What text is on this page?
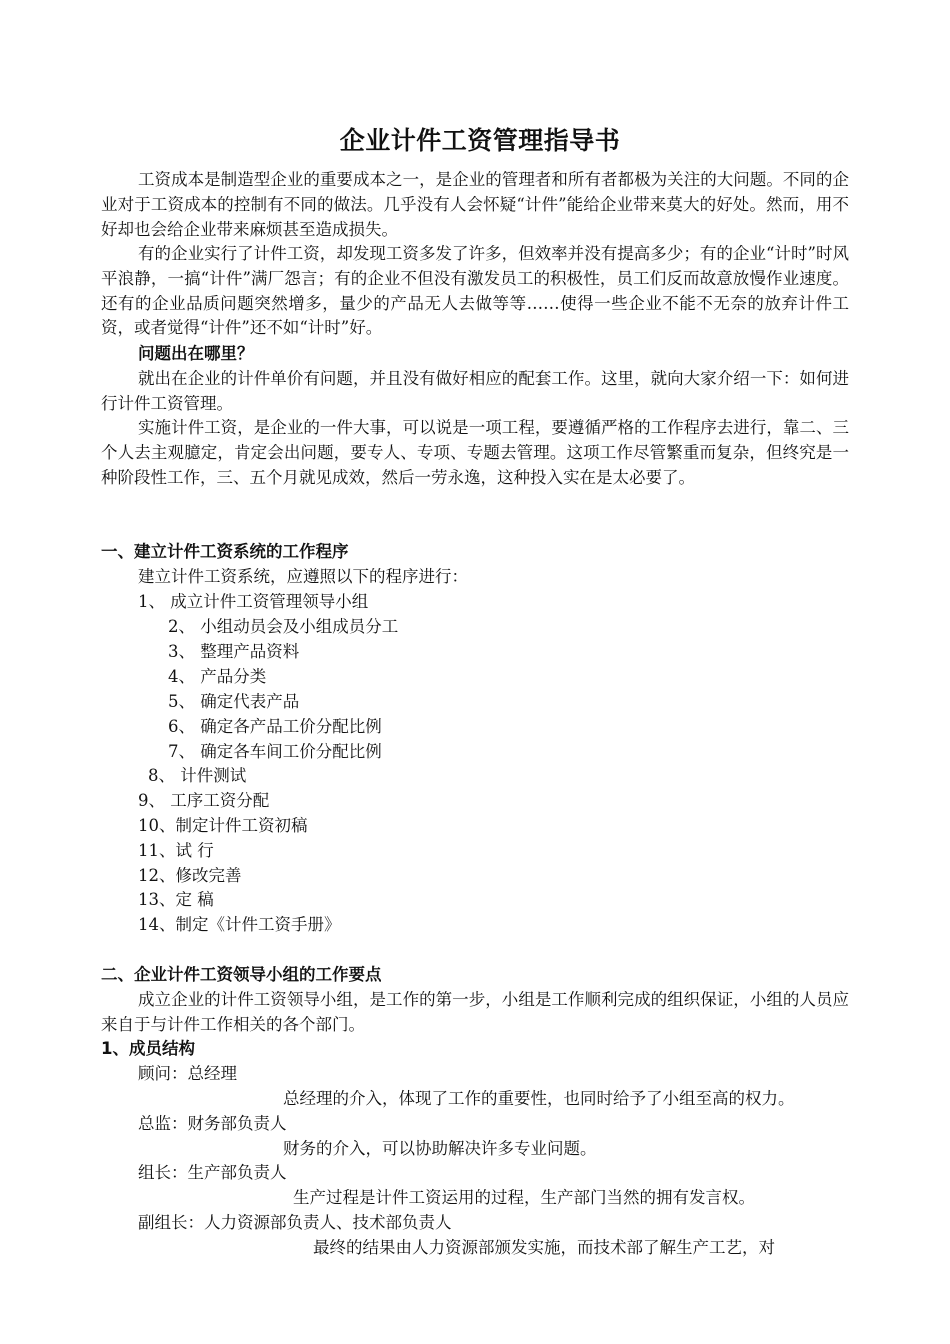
企业计件工资管理指导书

工资成本是制造型企业的重要成本之一，是企业的管理者和所有者都极为关注的大问题。不同的企业对于工资成本的控制有不同的做法。几乎没有人会怀疑“计件”能给企业带来莫大的好处。然而，用不好却也会给企业带来麻烦甚至造成损失。

有的企业实行了计件工资，却发现工资多发了许多，但效率并没有提高多少；有的企业“计时”时风平浪静，一搞“计件”满厂怨言；有的企业不但没有激发员工的积极性，员工们反而故意放慢作业速度。还有的企业品质问题突然增多，量少的产品无人去做等等……使得一些企业不能不无奈的放弃计件工资，或者觉得“计件”还不如“计时”好。

问题出在哪里？

就出在企业的计件单价有问题，并且没有做好相应的配套工作。这里，就向大家介绍一下：如何进行计件工资管理。

实施计件工资，是企业的一件大事，可以说是一项工程，要遵循严格的工作程序去进行，靠二、三个人去主观臆定，肯定会出问题，要专人、专项、专题去管理。这项工作尽管繁重而复杂，但终究是一种阶段性工作，三、五个月就见成效，然后一劳永逸，这种投入实在是太必要了。

一、建立计件工资系统的工作程序
建立计件工资系统，应遵照以下的程序进行：
1、 成立计件工资管理领导小组
2、 小组动员会及小组成员分工
3、 整理产品资料
4、 产品分类
5、 确定代表产品
6、 确定各产品工价分配比例
7、 确定各车间工价分配比例
8、 计件测试
9、 工序工资分配
10、制定计件工资初稿
11、试 行
12、修改完善
13、定 稿
14、制定《计件工资手册》
二、企业计件工资领导小组的工作要点

成立企业的计件工资领导小组，是工作的第一步，小组是工作顺利完成的组织保证，小组的人员应来自于与计件工作相关的各个部门。

1、成员结构
顾问：总经理
总经理的介入，体现了工作的重要性，也同时给予了小组至高的权力。
总监：财务部负责人
财务的介入，可以协助解决许多专业问题。
组长：生产部负责人
生产过程是计件工资运用的过程，生产部门当然的拥有发言权。
副组长：人力资源部负责人、技术部负责人
最终的结果由人力资源部颁发实施，而技术部了解生产工艺，对
